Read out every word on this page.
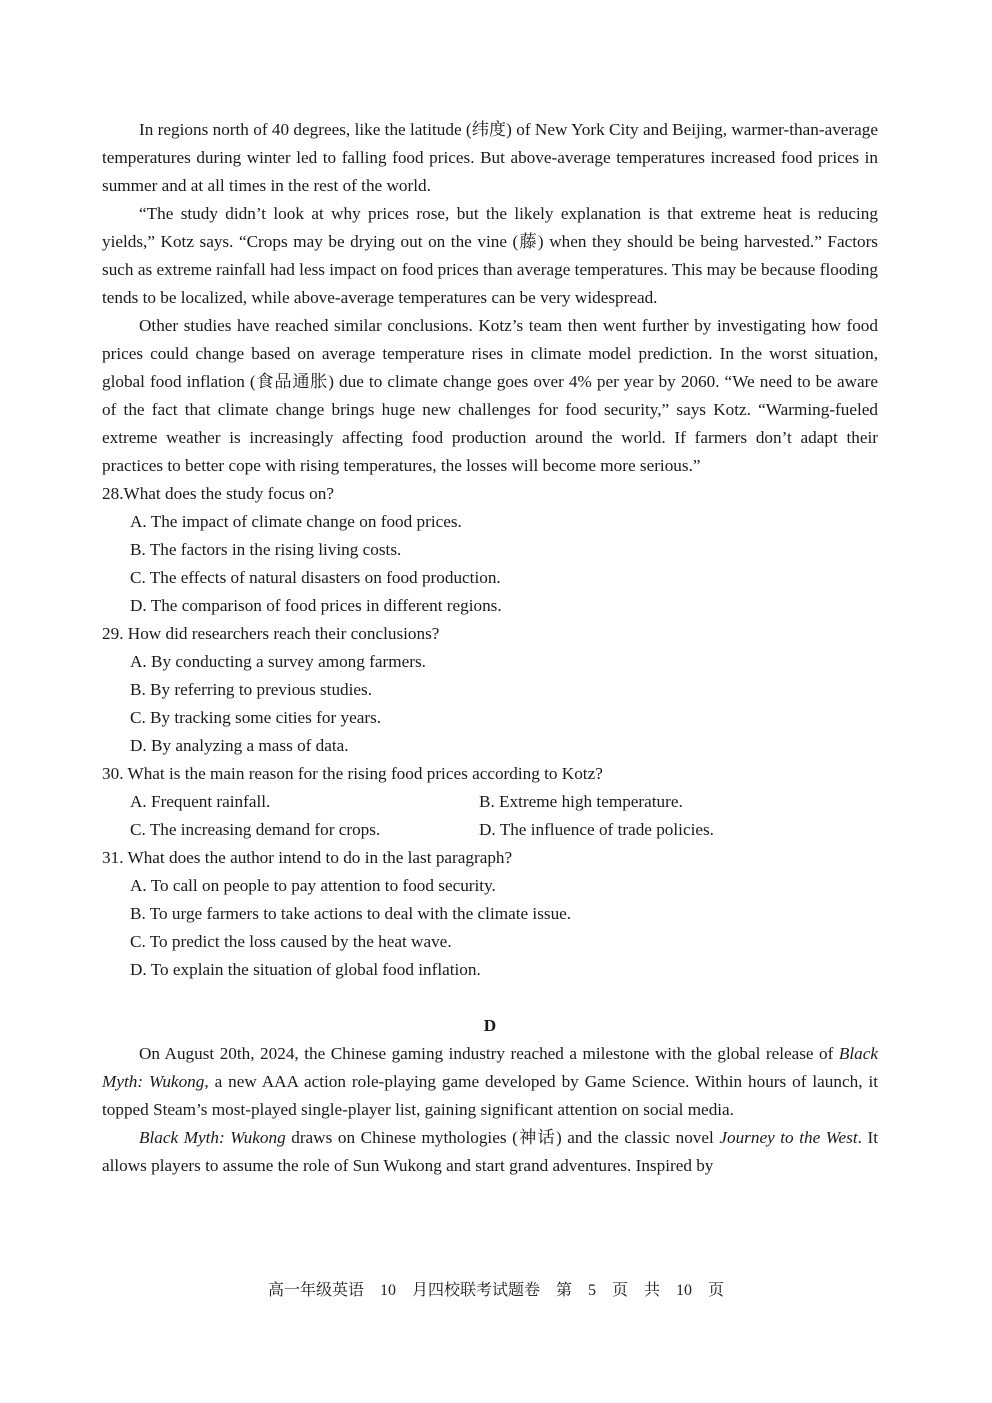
In regions north of 40 degrees, like the latitude (纬度) of New York City and Beijing, warmer-than-average temperatures during winter led to falling food prices. But above-average temperatures increased food prices in summer and at all times in the rest of the world.

“The study didn’t look at why prices rose, but the likely explanation is that extreme heat is reducing yields,” Kotz says. “Crops may be drying out on the vine (藤) when they should be being harvested.” Factors such as extreme rainfall had less impact on food prices than average temperatures. This may be because flooding tends to be localized, while above-average temperatures can be very widespread.

Other studies have reached similar conclusions. Kotz’s team then went further by investigating how food prices could change based on average temperature rises in climate model prediction. In the worst situation, global food inflation (食品通胀) due to climate change goes over 4% per year by 2060. “We need to be aware of the fact that climate change brings huge new challenges for food security,” says Kotz. “Warming-fueled extreme weather is increasingly affecting food production around the world. If farmers don’t adapt their practices to better cope with rising temperatures, the losses will become more serious.”

28.What does the study focus on?
A. The impact of climate change on food prices.
B. The factors in the rising living costs.
C. The effects of natural disasters on food production.
D. The comparison of food prices in different regions.
29. How did researchers reach their conclusions?
A. By conducting a survey among farmers.
B. By referring to previous studies.
C. By tracking some cities for years.
D. By analyzing a mass of data.
30. What is the main reason for the rising food prices according to Kotz?
A. Frequent rainfall.	B. Extreme high temperature.
C. The increasing demand for crops.	D. The influence of trade policies.
31. What does the author intend to do in the last paragraph?
A. To call on people to pay attention to food security.
B. To urge farmers to take actions to deal with the climate issue.
C. To predict the loss caused by the heat wave.
D. To explain the situation of global food inflation.
D

On August 20th, 2024, the Chinese gaming industry reached a milestone with the global release of Black Myth: Wukong, a new AAA action role-playing game developed by Game Science. Within hours of launch, it topped Steam’s most-played single-player list, gaining significant attention on social media.

Black Myth: Wukong draws on Chinese mythologies (神话) and the classic novel Journey to the West. It allows players to assume the role of Sun Wukong and start grand adventures. Inspired by

高一年级英语 10 月四校联考试题卷 第 5 页 共 10 页
